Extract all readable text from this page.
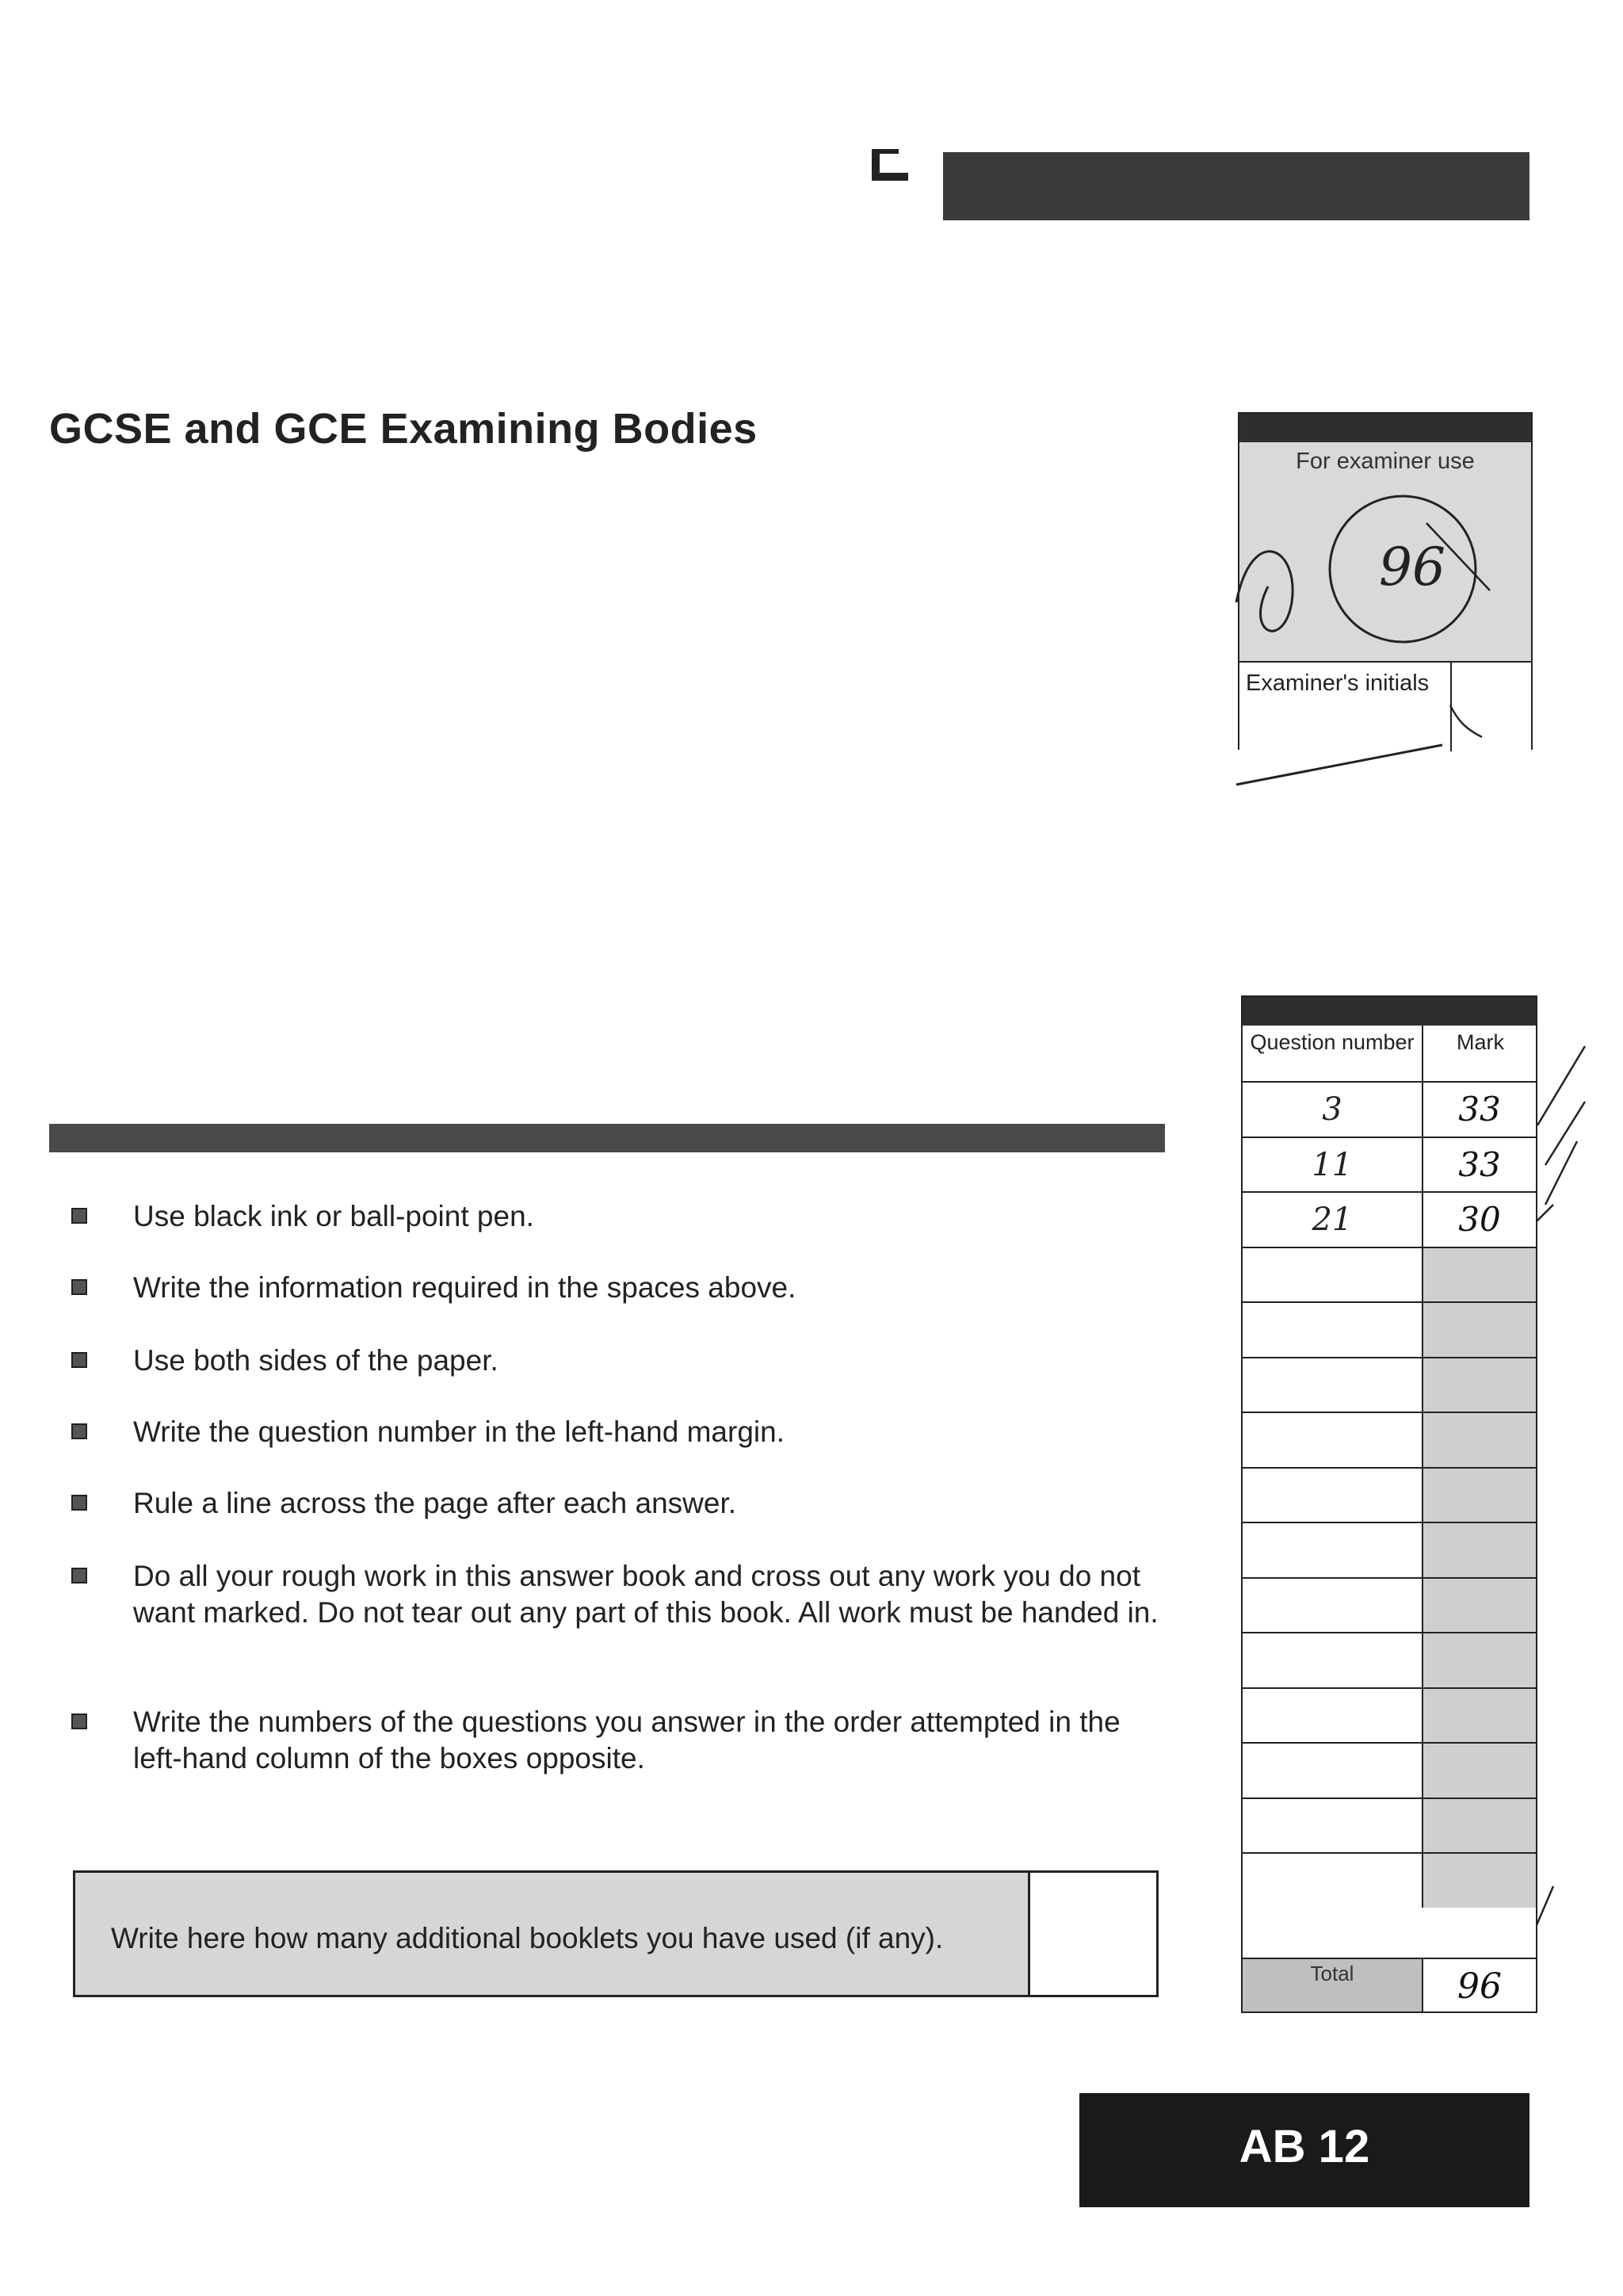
GCSE and GCE Examining Bodies
For examiner use
Examiner's initials
96
Use black ink or ball-point pen.
Write the information required in the spaces above.
Use both sides of the paper.
Write the question number in the left-hand margin.
Rule a line across the page after each answer.
Do all your rough work in this answer book and cross out any work you do not want marked. Do not tear out any part of this book. All work must be handed in.
Write the numbers of the questions you answer in the order attempted in the left-hand column of the boxes opposite.
Write here how many additional booklets you have used (if any).
Question number	Mark
3	33
11	33
21	30
Total	96
AB 12
